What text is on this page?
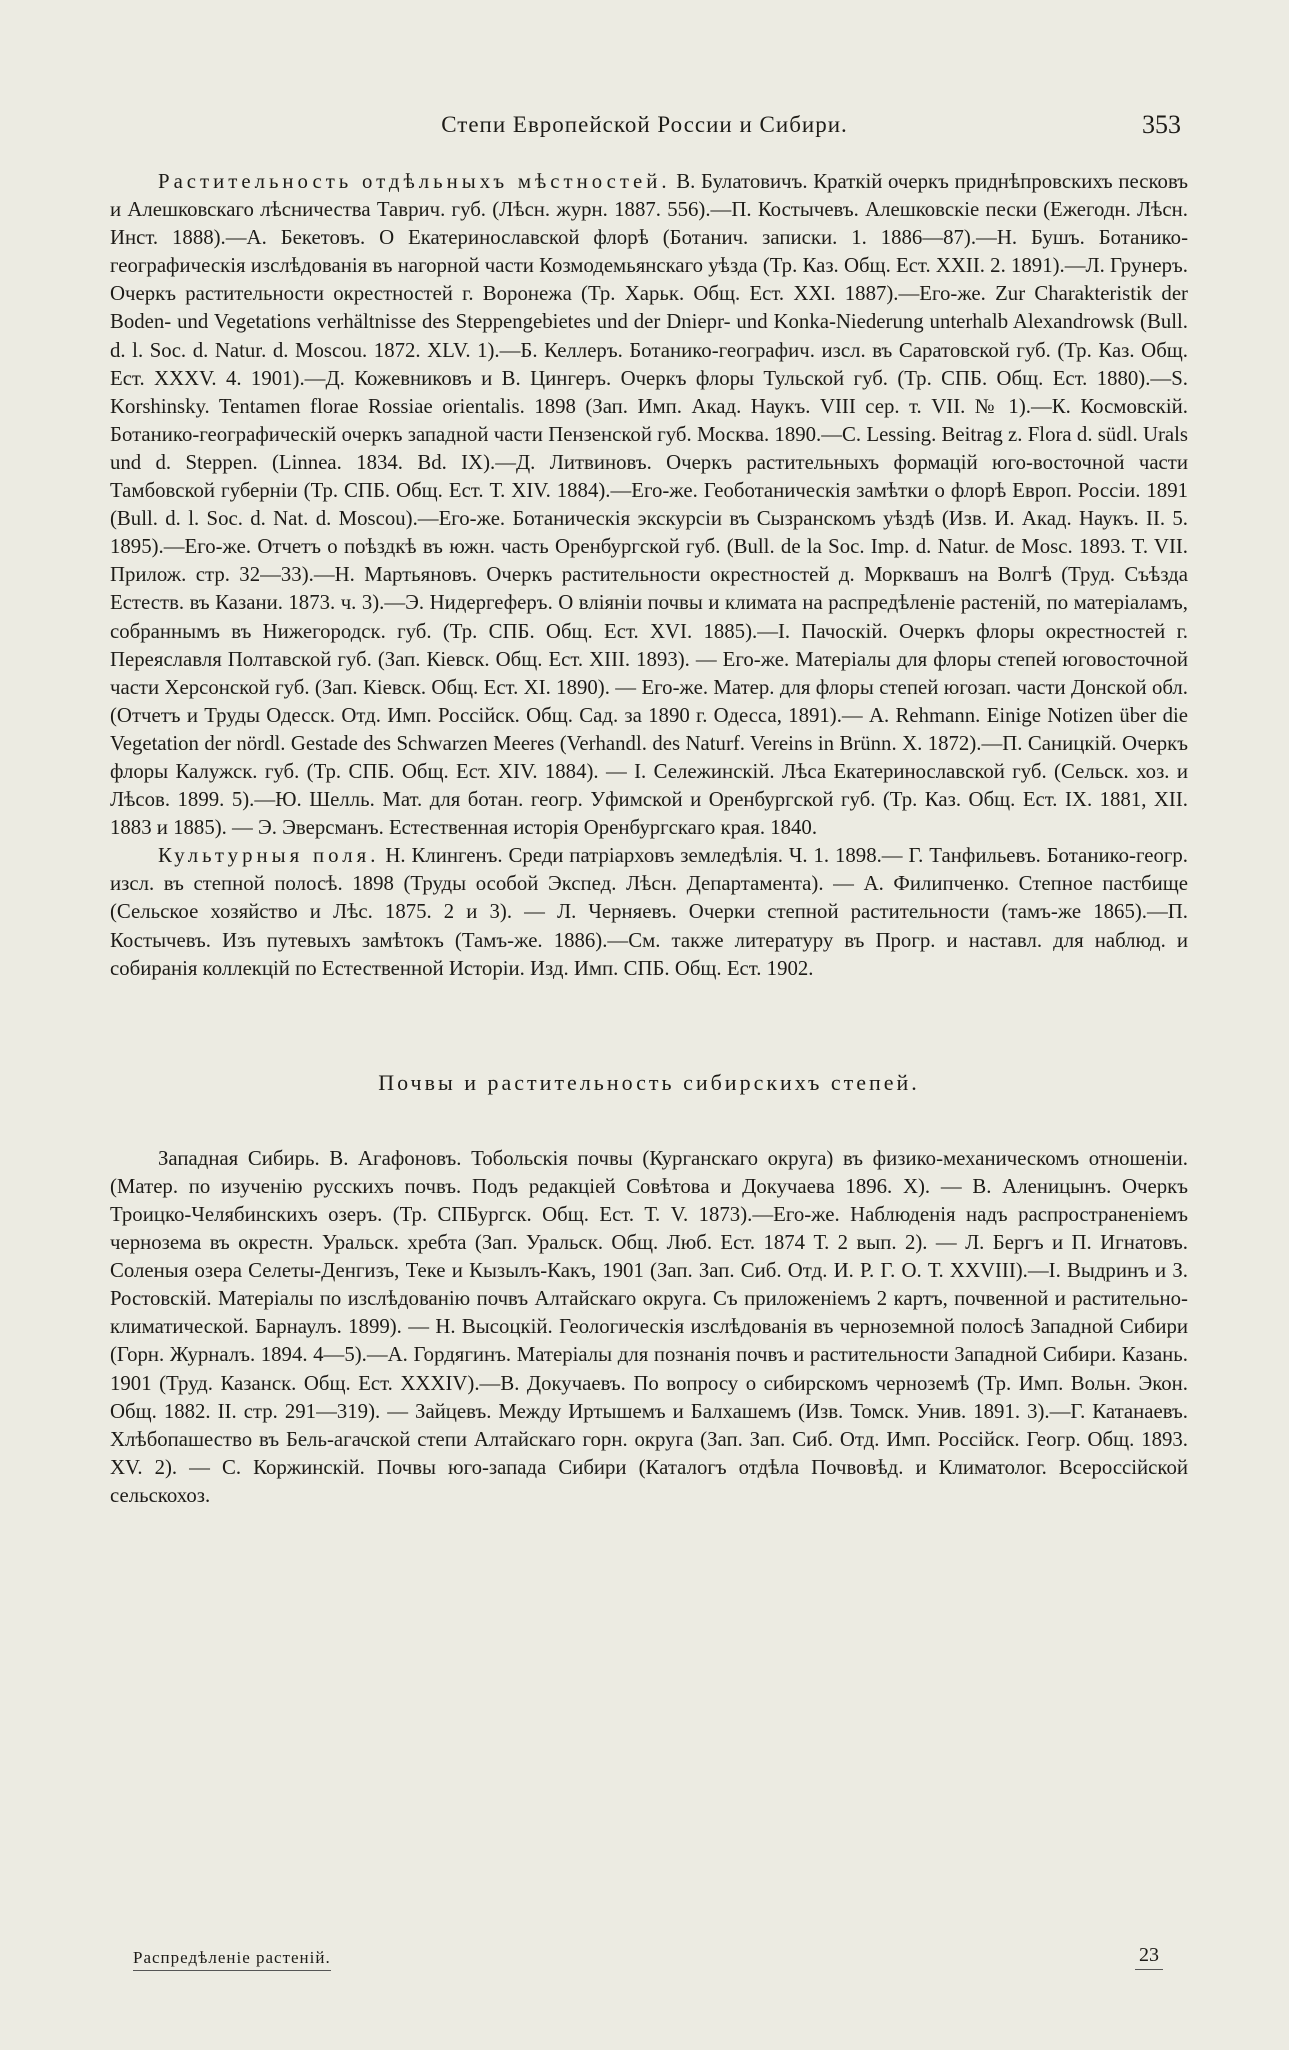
Степи Европейской России и Сибири.	353

Растительность отдѣльныхъ мѣстностей. В. Булатовичъ. Краткій очеркъ приднѣпровскихъ песковъ и Алешковскаго лѣсничества Таврич. губ. (Лѣсн. журн. 1887. 556).—П. Костычевъ. Алешковскіе пески (Ежегодн. Лѣсн. Инст. 1888).—А. Бекетовъ. О Екатеринославской флорѣ (Ботанич. записки. 1. 1886—87).—Н. Бушъ. Ботанико-географическія изслѣдованія въ нагорной части Козмодемьянскаго уѣзда (Тр. Каз. Общ. Ест. XXII. 2. 1891).—Л. Грунеръ. Очеркъ растительности окрестностей г. Воронежа (Тр. Харьк. Общ. Ест. XXI. 1887).—Его-же. Zur Charakteristik der Boden- und Vegetations verhältnisse des Steppengebietes und der Dniepr- und Konka-Niederung unterhalb Alexandrowsk (Bull. d. l. Soc. d. Natur. d. Moscou. 1872. XLV. 1).—Б. Келлеръ. Ботанико-географич. изсл. въ Саратовской губ. (Тр. Каз. Общ. Ест. XXXV. 4. 1901).—Д. Кожевниковъ и В. Цингеръ. Очеркъ флоры Тульской губ. (Тр. СПБ. Общ. Ест. 1880).—S. Korshinsky. Tentamen florae Rossiae orientalis. 1898 (Зап. Имп. Акад. Наукъ. VIII сер. т. VII. № 1).—К. Космовскій. Ботанико-географическій очеркъ западной части Пензенской губ. Москва. 1890.—С. Lessing. Beitrag z. Flora d. südl. Urals und d. Steppen. (Linnea. 1834. Bd. IX).—Д. Литвиновъ. Очеркъ растительныхъ формацій юго-восточной части Тамбовской губерніи (Тр. СПБ. Общ. Ест. Т. XIV. 1884).—Его-же. Геоботаническія замѣтки о флорѣ Европ. Россіи. 1891 (Bull. d. l. Soc. d. Nat. d. Moscou).—Его-же. Ботаническія экскурсіи въ Сызранскомъ уѣздѣ (Изв. И. Акад. Наукъ. II. 5. 1895).—Его-же. Отчетъ о поѣздкѣ въ южн. часть Оренбургской губ. (Bull. de la Soc. Imp. d. Natur. de Mosc. 1893. T. VII. Прилож. стр. 32—33).—Н. Мартьяновъ. Очеркъ растительности окрестностей д. Морквашъ на Волгѣ (Труд. Съѣзда Естеств. въ Казани. 1873. ч. 3).—Э. Нидергеферъ. О вліяніи почвы и климата на распредѣленіе растеній, по матеріаламъ, собраннымъ въ Нижегородск. губ. (Тр. СПБ. Общ. Ест. XVI. 1885).—І. Пачоскій. Очеркъ флоры окрестностей г. Переяславля Полтавской губ. (Зап. Кіевск. Общ. Ест. XIII. 1893). — Его-же. Матеріалы для флоры степей юговосточной части Херсонской губ. (Зап. Кіевск. Общ. Ест. XI. 1890). — Его-же. Матер. для флоры степей югозап. части Донской обл. (Отчетъ и Труды Одесск. Отд. Имп. Россійск. Общ. Сад. за 1890 г. Одесса, 1891).— А. Rehmann. Einige Notizen über die Vegetation der nördl. Gestade des Schwarzen Meeres (Verhandl. des Naturf. Vereins in Brünn. X. 1872).—П. Саницкій. Очеркъ флоры Калужск. губ. (Тр. СПБ. Общ. Ест. XIV. 1884). — І. Сележинскій. Лѣса Екатеринославской губ. (Сельск. хоз. и Лѣсов. 1899. 5).—Ю. Шелль. Мат. для ботан. геогр. Уфимской и Оренбургской губ. (Тр. Каз. Общ. Ест. IX. 1881, XII. 1883 и 1885). — Э. Эверсманъ. Естественная исторія Оренбургскаго края. 1840.

Культурныя поля. Н. Клингенъ. Среди патріарховъ земледѣлія. Ч. 1. 1898.— Г. Танфильевъ. Ботанико-геогр. изсл. въ степной полосѣ. 1898 (Труды особой Экспед. Лѣсн. Департамента). — А. Филипченко. Степное пастбище (Сельское хозяйство и Лѣс. 1875. 2 и 3). — Л. Черняевъ. Очерки степной растительности (тамъ-же 1865).—П. Костычевъ. Изъ путевыхъ замѣтокъ (Тамъ-же. 1886).—См. также литературу въ Прогр. и наставл. для наблюд. и собиранія коллекцій по Естественной Исторіи. Изд. Имп. СПБ. Общ. Ест. 1902.

Почвы и растительность сибирскихъ степей.

Западная Сибирь. В. Агафоновъ. Тобольскія почвы (Курганскаго округа) въ физико-механическомъ отношеніи. (Матер. по изученію русскихъ почвъ. Подъ редакціей Совѣтова и Докучаева 1896. X). — В. Аленицынъ. Очеркъ Троицко-Челябинскихъ озеръ. (Тр. СПБургск. Общ. Ест. Т. V. 1873).—Его-же. Наблюденія надъ распространеніемъ чернозема въ окрестн. Уральск. хребта (Зап. Уральск. Общ. Люб. Ест. 1874 Т. 2 вып. 2). — Л. Бергъ и П. Игнатовъ. Соленыя озера Селеты-Денгизъ, Теке и Кызылъ-Какъ, 1901 (Зап. Зап. Сиб. Отд. И. Р. Г. О. Т. XXVIII).—І. Выдринъ и З. Ростовскій. Матеріалы по изслѣдованію почвъ Алтайскаго округа. Съ приложеніемъ 2 картъ, почвенной и растительно-климатической. Барнаулъ. 1899). — Н. Высоцкій. Геологическія изслѣдованія въ черноземной полосѣ Западной Сибири (Горн. Журналъ. 1894. 4—5).—А. Гордягинъ. Матеріалы для познанія почвъ и растительности Западной Сибири. Казань. 1901 (Труд. Казанск. Общ. Ест. XXXIV).—В. Докучаевъ. По вопросу о сибирскомъ черноземѣ (Тр. Имп. Вольн. Экон. Общ. 1882. II. стр. 291—319). — Зайцевъ. Между Иртышемъ и Балхашемъ (Изв. Томск. Унив. 1891. 3).—Г. Катанаевъ. Хлѣбопашество въ Бель-агачской степи Алтайскаго горн. округа (Зап. Зап. Сиб. Отд. Имп. Россійск. Геогр. Общ. 1893. XV. 2). — С. Коржинскій. Почвы юго-запада Сибири (Каталогъ отдѣла Почвовѣд. и Климатолог. Всероссійской сельскохоз.

Распредѣленіе растеній.	23
